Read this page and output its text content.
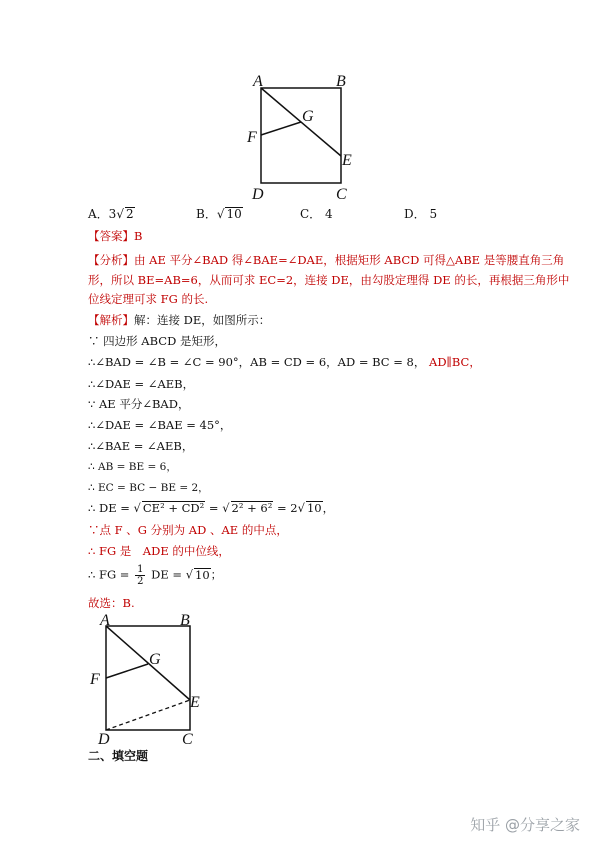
A	B
C
D
E
F
G
A．3√ 2	B．√ 10	C． 4	D． 5
【答案】B
【分析】由 AE 平分∠BAD 得∠BAE=∠DAE，根据矩形 ABCD 可得△ABE 是等腰直角三角
形，所以 BE=AB=6，从而可求 EC=2，连接 DE，由勾股定理得 DE 的长，再根据三角形中
位线定理可求 FG 的长.
【解析】解：连接 DE，如图所示：
∵ 四边形 ABCD 是矩形，
∴∠BAD = ∠B = ∠C = 90°，AB = CD = 6，AD = BC = 8， AD∥BC，
∴∠DAE = ∠AEB，
∵ AE 平分∠BAD，
∴∠DAE = ∠BAE = 45°，
∴∠BAE = ∠AEB，
∴ AB = BE = 6，
∴ EC = BC − BE = 2，
∴ DE = √ CE² + CD² = √ 2² + 6² = 2√ 10，
∵点 F 、G 分别为 AD 、AE 的中点，
∴ FG 是　ADE 的中位线，
∴ FG = $\frac{1}{2}$ DE = √ 10；
故选：B.
A	B
C
D
E
F
G
二、填空题
知乎 @分享之家
